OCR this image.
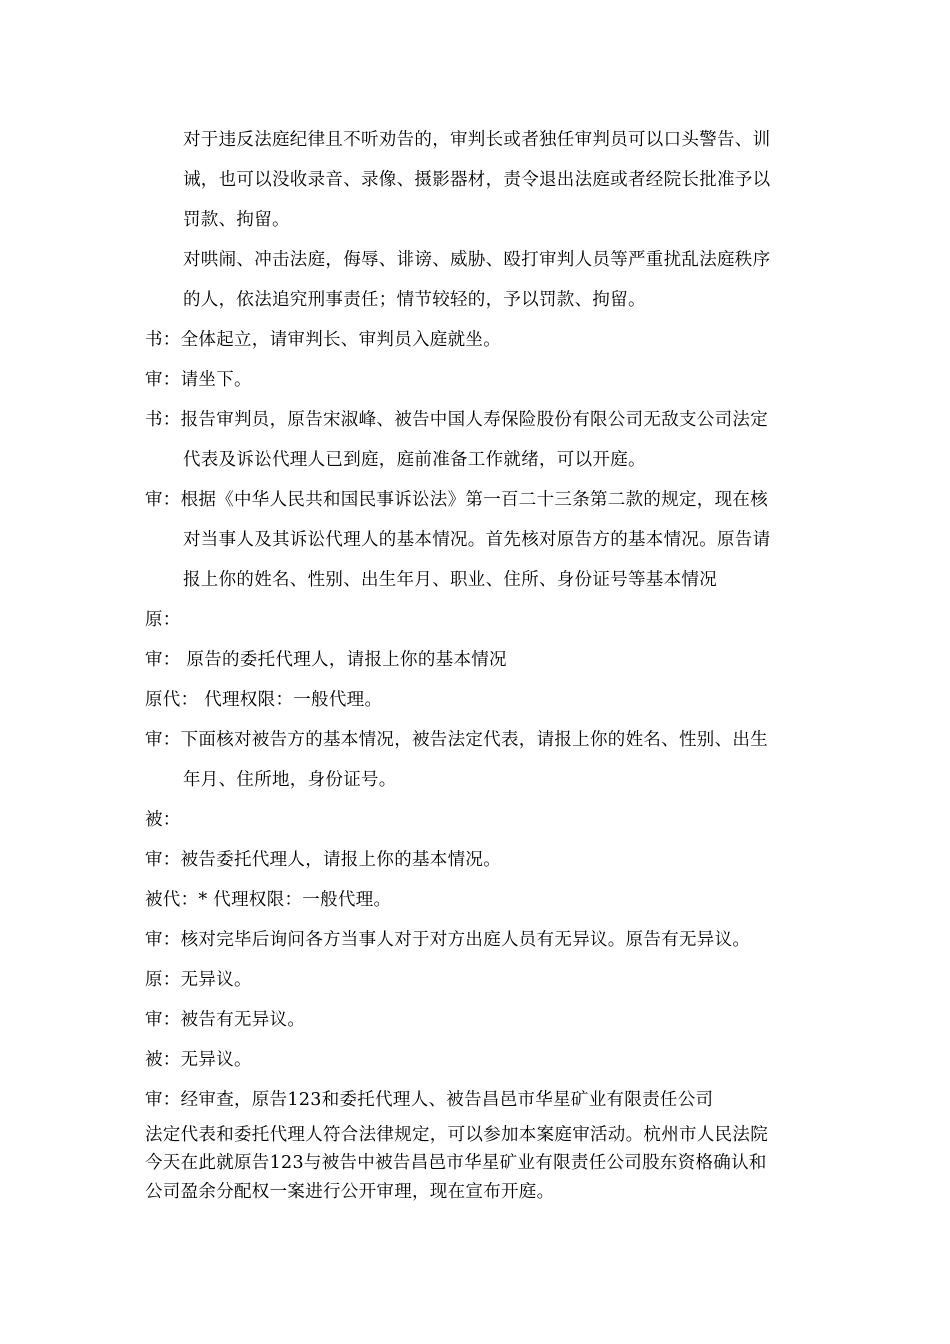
对于违反法庭纪律且不听劝告的，审判长或者独任审判员可以口头警告、训
诫，也可以没收录音、录像、摄影器材，责令退出法庭或者经院长批准予以
罚款、拘留。
对哄闹、冲击法庭，侮辱、诽谤、威胁、殴打审判人员等严重扰乱法庭秩序
的人，依法追究刑事责任；情节较轻的，予以罚款、拘留。
书：全体起立，请审判长、审判员入庭就坐。
审：请坐下。
书：报告审判员，原告宋淑峰、被告中国人寿保险股份有限公司无敌支公司法定
代表及诉讼代理人已到庭，庭前准备工作就绪，可以开庭。
审：根据《中华人民共和国民事诉讼法》第一百二十三条第二款的规定，现在核
对当事人及其诉讼代理人的基本情况。首先核对原告方的基本情况。原告请
报上你的姓名、性别、出生年月、职业、住所、身份证号等基本情况
原：
审： 原告的委托代理人，请报上你的基本情况
原代： 代理权限：一般代理。
审：下面核对被告方的基本情况，被告法定代表，请报上你的姓名、性别、出生
年月、住所地，身份证号。
被：
审：被告委托代理人，请报上你的基本情况。
被代：* 代理权限：一般代理。
审：核对完毕后询问各方当事人对于对方出庭人员有无异议。原告有无异议。
原：无异议。
审：被告有无异议。
被：无异议。
审：经审查，原告123和委托代理人、被告昌邑市华星矿业有限责任公司
法定代表和委托代理人符合法律规定，可以参加本案庭审活动。杭州市人民法院
今天在此就原告123与被告中被告昌邑市华星矿业有限责任公司股东资格确认和
公司盈余分配权一案进行公开审理，现在宣布开庭。
